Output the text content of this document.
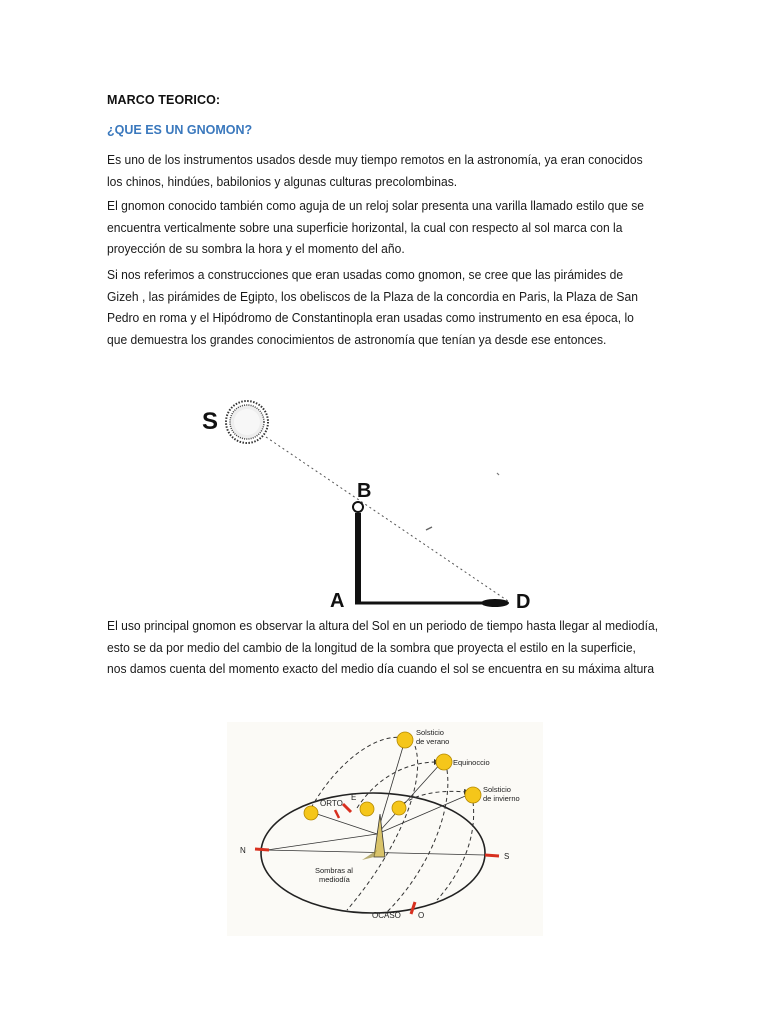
MARCO TEORICO:
¿QUE ES UN GNOMON?
Es uno de los instrumentos usados desde muy tiempo remotos en la astronomía, ya eran conocidos
los chinos, hindúes, babilonios y algunas culturas precolombinas.
El gnomon conocido también como aguja de un reloj solar presenta una varilla llamado estilo que se
encuentra verticalmente sobre una superficie horizontal, la cual con respecto al sol marca con la
proyección de su sombra la hora y el momento del año.
Si nos referimos a construcciones que eran usadas como gnomon, se cree que las pirámides de
Gizeh , las pirámides de Egipto, los obeliscos de la Plaza de la concordia en Paris, la Plaza de San
Pedro en roma y el Hipódromo de Constantinopla eran usadas como instrumento en esa época, lo
que demuestra los grandes conocimientos de astronomía que tenían ya desde ese entonces.
S
B
A	D
El uso principal gnomon es observar la altura del Sol en un periodo de tiempo hasta llegar al mediodía,
esto se da por medio del cambio de la longitud de la sombra que proyecta el estilo en la superficie,
nos damos cuenta del momento exacto del medio día cuando el sol se encuentra en su máxima altura
Solsticio
de verano
Equinoccio
Solsticio
de invierno
ORTO
E
N
S
Sombras al
mediodía
OCASO O
